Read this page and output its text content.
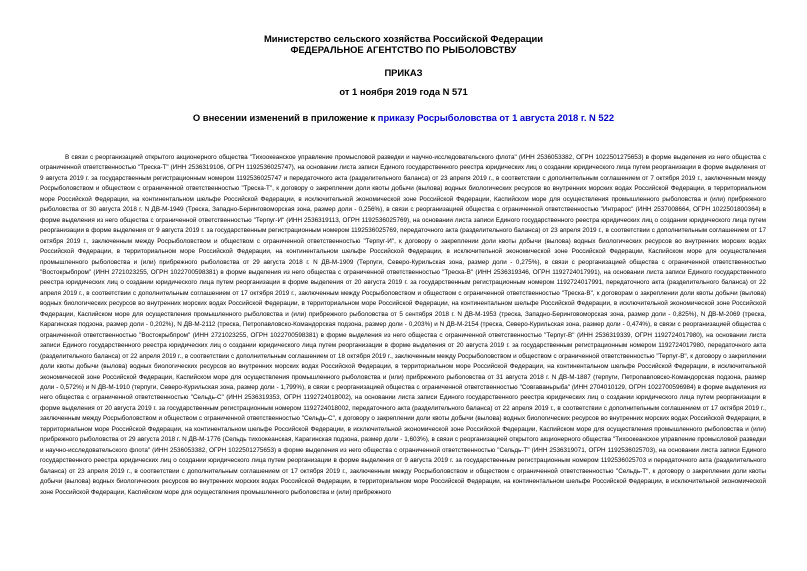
Министерство сельского хозяйства Российской Федерации
ФЕДЕРАЛЬНОЕ АГЕНТСТВО ПО РЫБОЛОВСТВУ
ПРИКАЗ
от 1 ноября 2019 года N 571
О внесении изменений в приложение к приказу Росрыболовства от 1 августа 2018 г. N 522

В связи с реорганизацией открытого акционерного общества "Тихоокеанское управление промысловой разведки и научно-исследовательского флота" (ИНН 2536053382, ОГРН 1022501275653) в форме выделения из него общества с ограниченной ответственностью "Треска-Т" (ИНН 2536319106, ОГРН 1192536025747), на основании листа записи Единого государственного реестра юридических лиц о создании юридического лица путем реорганизации в форме выделения от 9 августа 2019 г. за государственным регистрационным номером 1192536025747 и передаточного акта (разделительного баланса) от 23 апреля 2019 г., в соответствии с дополнительным соглашением от 7 октября 2019 г., заключенным между Росрыболовством и обществом с ограниченной ответственностью "Треска-Т", к договору о закреплении доли квоты добычи (вылова) водных биологических ресурсов во внутренних морских водах Российской Федерации, в территориальном море Российской Федерации, на континентальном шельфе Российской Федерации, в исключительной экономической зоне Российской Федерации, Каспийском море для осуществления промышленного рыболовства и (или) прибрежного рыболовства от 30 августа 2018 г. N ДВ-М-1949 (Треска, Западно-Беринговоморская зона, размер доли - 0,256%), в связи с реорганизацией общества с ограниченной ответственностью "Интрарос" (ИНН 2537008664, ОГРН 1022501800364) в форме выделения из него общества с ограниченной ответственностью "Терпуг-И" (ИНН 2536319113, ОГРН 1192536025769), на основании листа записи Единого государственного реестра юридических лиц о создании юридического лица путем реорганизации в форме выделения от 9 августа 2019 г. за государственным регистрационным номером 1192536025769, передаточного акта (разделительного баланса) от 23 апреля 2019 г., в соответствии с дополнительным соглашением от 17 октября 2019 г., заключенным между Росрыболовством и обществом с ограниченной ответственностью "Терпуг-И", к договору о закреплении доли квоты добычи (вылова) водных биологических ресурсов во внутренних морских водах Российской Федерации, в территориальном море Российской Федерации, на континентальном шельфе Российской Федерации, в исключительной экономической зоне Российской Федерации, Каспийском море для осуществления промышленного рыболовства и (или) прибрежного рыболовства от 29 августа 2018 г. N ДВ-М-1909 (Терпуги, Северо-Курильская зона, размер доли - 0,275%), в связи с реорганизацией общества с ограниченной ответственностью "Востокрыбпром" (ИНН 2721023255, ОГРН 1022700598381) в форме выделения из него общества с ограниченной ответственностью "Треска-В" (ИНН 2536319346, ОГРН 1192724017991), на основании листа записи Единого государственного реестра юридических лиц о создании юридического лица путем реорганизации в форме выделения от 20 августа 2019 г. за государственным регистрационным номером 1192724017991, передаточного акта (разделительного баланса) от 22 апреля 2019 г., в соответствии с дополнительным соглашением от 17 октября 2019 г., заключенным между Росрыболовством и обществом с ограниченной ответственностью "Треска-В", к договорам о закреплении доли квоты добычи (вылова) водных биологических ресурсов во внутренних морских водах Российской Федерации, в территориальном море Российской Федерации, на континентальном шельфе Российской Федерации, в исключительной экономической зоне Российской Федерации, Каспийском море для осуществления промышленного рыболовства и (или) прибрежного рыболовства от 5 сентября 2018 г. N ДВ-М-1953 (треска, Западно-Беринговоморская зона, размер доли - 0,825%), N ДВ-М-2069 (треска, Карагинская подзона, размер доли - 0,202%), N ДВ-М-2112 (треска, Петропавловско-Командорская подзона, размер доли - 0,203%) и N ДВ-М-2154 (треска, Северо-Курильская зона, размер доли - 0,474%), в связи с реорганизацией общества с ограниченной ответственностью "Востокрыбпром" (ИНН 2721023255, ОГРН 1022700598381) в форме выделения из него общества с ограниченной ответственностью "Терпуг-В" (ИНН 2536319339, ОГРН 1192724017980), на основании листа записи Единого государственного реестра юридических лиц о создании юридического лица путем реорганизации в форме выделения от 20 августа 2019 г. за государственным регистрационным номером 1192724017980, передаточного акта (разделительного баланса) от 22 апреля 2019 г., в соответствии с дополнительным соглашением от 18 октября 2019 г., заключенным между Росрыболовством и обществом с ограниченной ответственностью "Терпуг-В", к договору о закреплении доли квоты добычи (вылова) водных биологических ресурсов во внутренних морских водах Российской Федерации, в территориальном море Российской Федерации, на континентальном шельфе Российской Федерации, в исключительной экономической зоне Российской Федерации, Каспийском море для осуществления промышленного рыболовства и (или) прибрежного рыболовства от 31 августа 2018 г. N ДВ-М-1887 (терпуги, Петропавловско-Командорская подзона, размер доли - 0,572%) и N ДВ-М-1910 (терпуги, Северо-Курильская зона, размер доли - 1,799%), в связи с реорганизацией общества с ограниченной ответственностью "Совгаваньрыба" (ИНН 2704010129, ОГРН 1022700596984) в форме выделения из него общества с ограниченной ответственностью "Сельдь-С" (ИНН 2536319353, ОГРН 1192724018002), на основании листа записи Единого государственного реестра юридических лиц о создании юридического лица путем реорганизации в форме выделения от 20 августа 2019 г. за государственным регистрационным номером 1192724018002, передаточного акта (разделительного баланса) от 22 апреля 2019 г., в соответствии с дополнительным соглашением от 17 октября 2019 г., заключенным между Росрыболовством и обществом с ограниченной ответственностью "Сельдь-С", к договору о закреплении доли квоты добычи (вылова) водных биологических ресурсов во внутренних морских водах Российской Федерации, в территориальном море Российской Федерации, на континентальном шельфе Российской Федерации, в исключительной экономической зоне Российской Федерации, Каспийском море для осуществления промышленного рыболовства и (или) прибрежного рыболовства от 29 августа 2018 г. N ДВ-М-1776 (Сельдь тихоокеанская, Карагинская подзона, размер доли - 1,603%), в связи с реорганизацией открытого акционерного общества "Тихоокеанское управление промысловой разведки и научно-исследовательского флота" (ИНН 2536053382, ОГРН 1022501275653) в форме выделения из него общества с ограниченной ответственностью "Сельдь-Т" (ИНН 2536319071, ОГРН 1192536025703), на основании листа записи Единого государственного реестра юридических лиц о создании юридического лица путем реорганизации в форме выделения от 9 августа 2019 г. за государственным регистрационным номером 1192536025703 и передаточного акта (разделительного баланса) от 23 апреля 2019 г., в соответствии с дополнительным соглашением от 17 октября 2019 г., заключенным между Росрыболовством и обществом с ограниченной ответственностью "Сельдь-Т", к договору о закреплении доли квоты добычи (вылова) водных биологических ресурсов во внутренних морских водах Российской Федерации, в территориальном море Российской Федерации, на континентальном шельфе Российской Федерации, в исключительной экономической зоне Российской Федерации, Каспийском море для осуществления промышленного рыболовства и (или) прибрежного
